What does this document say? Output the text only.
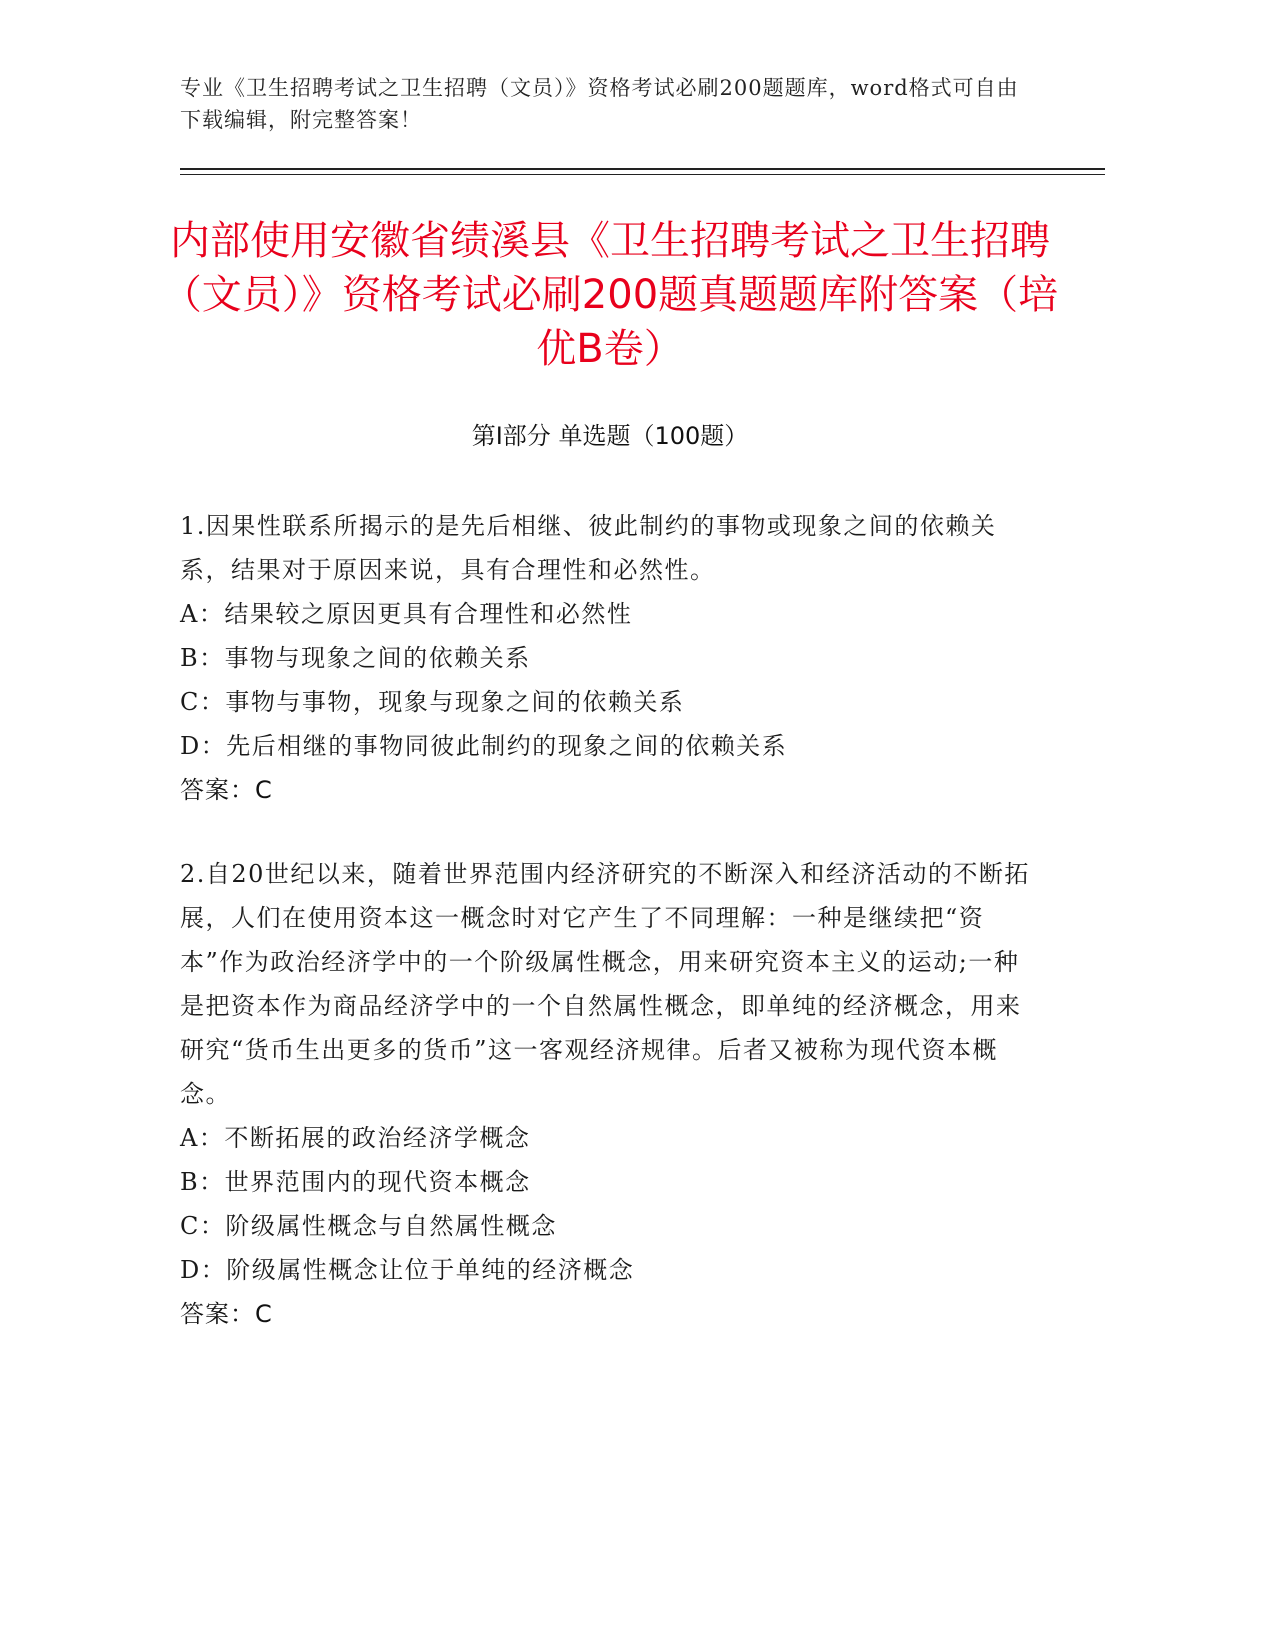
专业《卫生招聘考试之卫生招聘（文员）》资格考试必刷200题题库，word格式可自由下载编辑，附完整答案！
内部使用安徽省绩溪县《卫生招聘考试之卫生招聘（文员）》资格考试必刷200题真题题库附答案（培优B卷）
第Ⅰ部分 单选题（100题）

1.因果性联系所揭示的是先后相继、彼此制约的事物或现象之间的依赖关系，结果对于原因来说，具有合理性和必然性。

A：结果较之原因更具有合理性和必然性

B：事物与现象之间的依赖关系

C：事物与事物，现象与现象之间的依赖关系

D：先后相继的事物同彼此制约的现象之间的依赖关系

答案：C

2.自20世纪以来，随着世界范围内经济研究的不断深入和经济活动的不断拓展，人们在使用资本这一概念时对它产生了不同理解：一种是继续把“资本”作为政治经济学中的一个阶级属性概念，用来研究资本主义的运动;一种是把资本作为商品经济学中的一个自然属性概念，即单纯的经济概念，用来研究“货币生出更多的货币”这一客观经济规律。后者又被称为现代资本概念。

A：不断拓展的政治经济学概念

B：世界范围内的现代资本概念

C：阶级属性概念与自然属性概念

D：阶级属性概念让位于单纯的经济概念

答案：C
